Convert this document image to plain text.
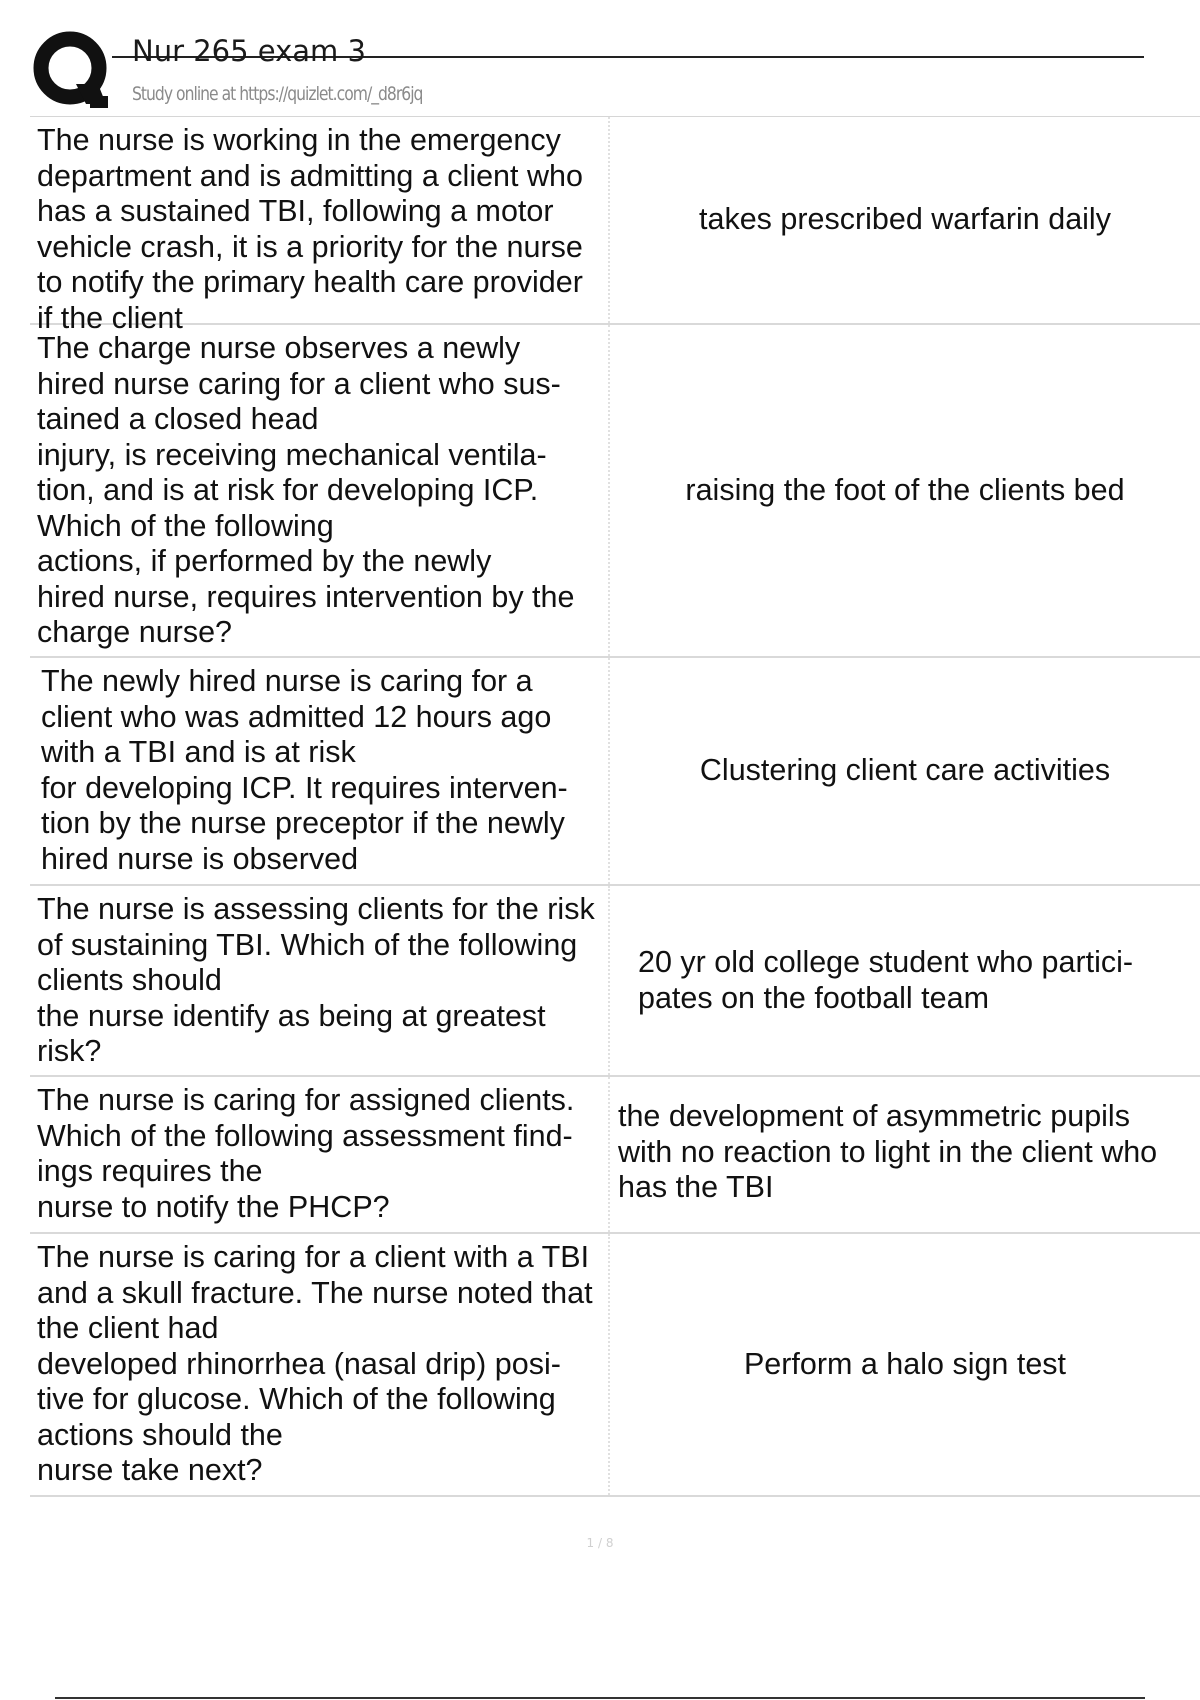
Nur 265 exam 3
Study online at https://quizlet.com/_d8r6jq
The nurse is working in the emergency
department and is admitting a client who
has a sustained TBI, following a motor
vehicle crash, it is a priority for the nurse
to notify the primary health care provider
if the client
takes prescribed warfarin daily
The charge nurse observes a newly
hired nurse caring for a client who sus-
tained a closed head
injury, is receiving mechanical ventila-
tion, and is at risk for developing ICP.
Which of the following
actions, if performed by the newly
hired nurse, requires intervention by the
charge nurse?
raising the foot of the clients bed
The newly hired nurse is caring for a
client who was admitted 12 hours ago
with a TBI and is at risk
for developing ICP. It requires interven-
tion by the nurse preceptor if the newly
hired nurse is observed
Clustering client care activities
The nurse is assessing clients for the risk
of sustaining TBI. Which of the following
clients should
the nurse identify as being at greatest
risk?
20 yr old college student who partici-
pates on the football team
The nurse is caring for assigned clients.
Which of the following assessment find-
ings requires the
nurse to notify the PHCP?
the development of asymmetric pupils
with no reaction to light in the client who
has the TBI
The nurse is caring for a client with a TBI
and a skull fracture. The nurse noted that
the client had
developed rhinorrhea (nasal drip) posi-
tive for glucose. Which of the following
actions should the
nurse take next?
Perform a halo sign test
1 / 8
